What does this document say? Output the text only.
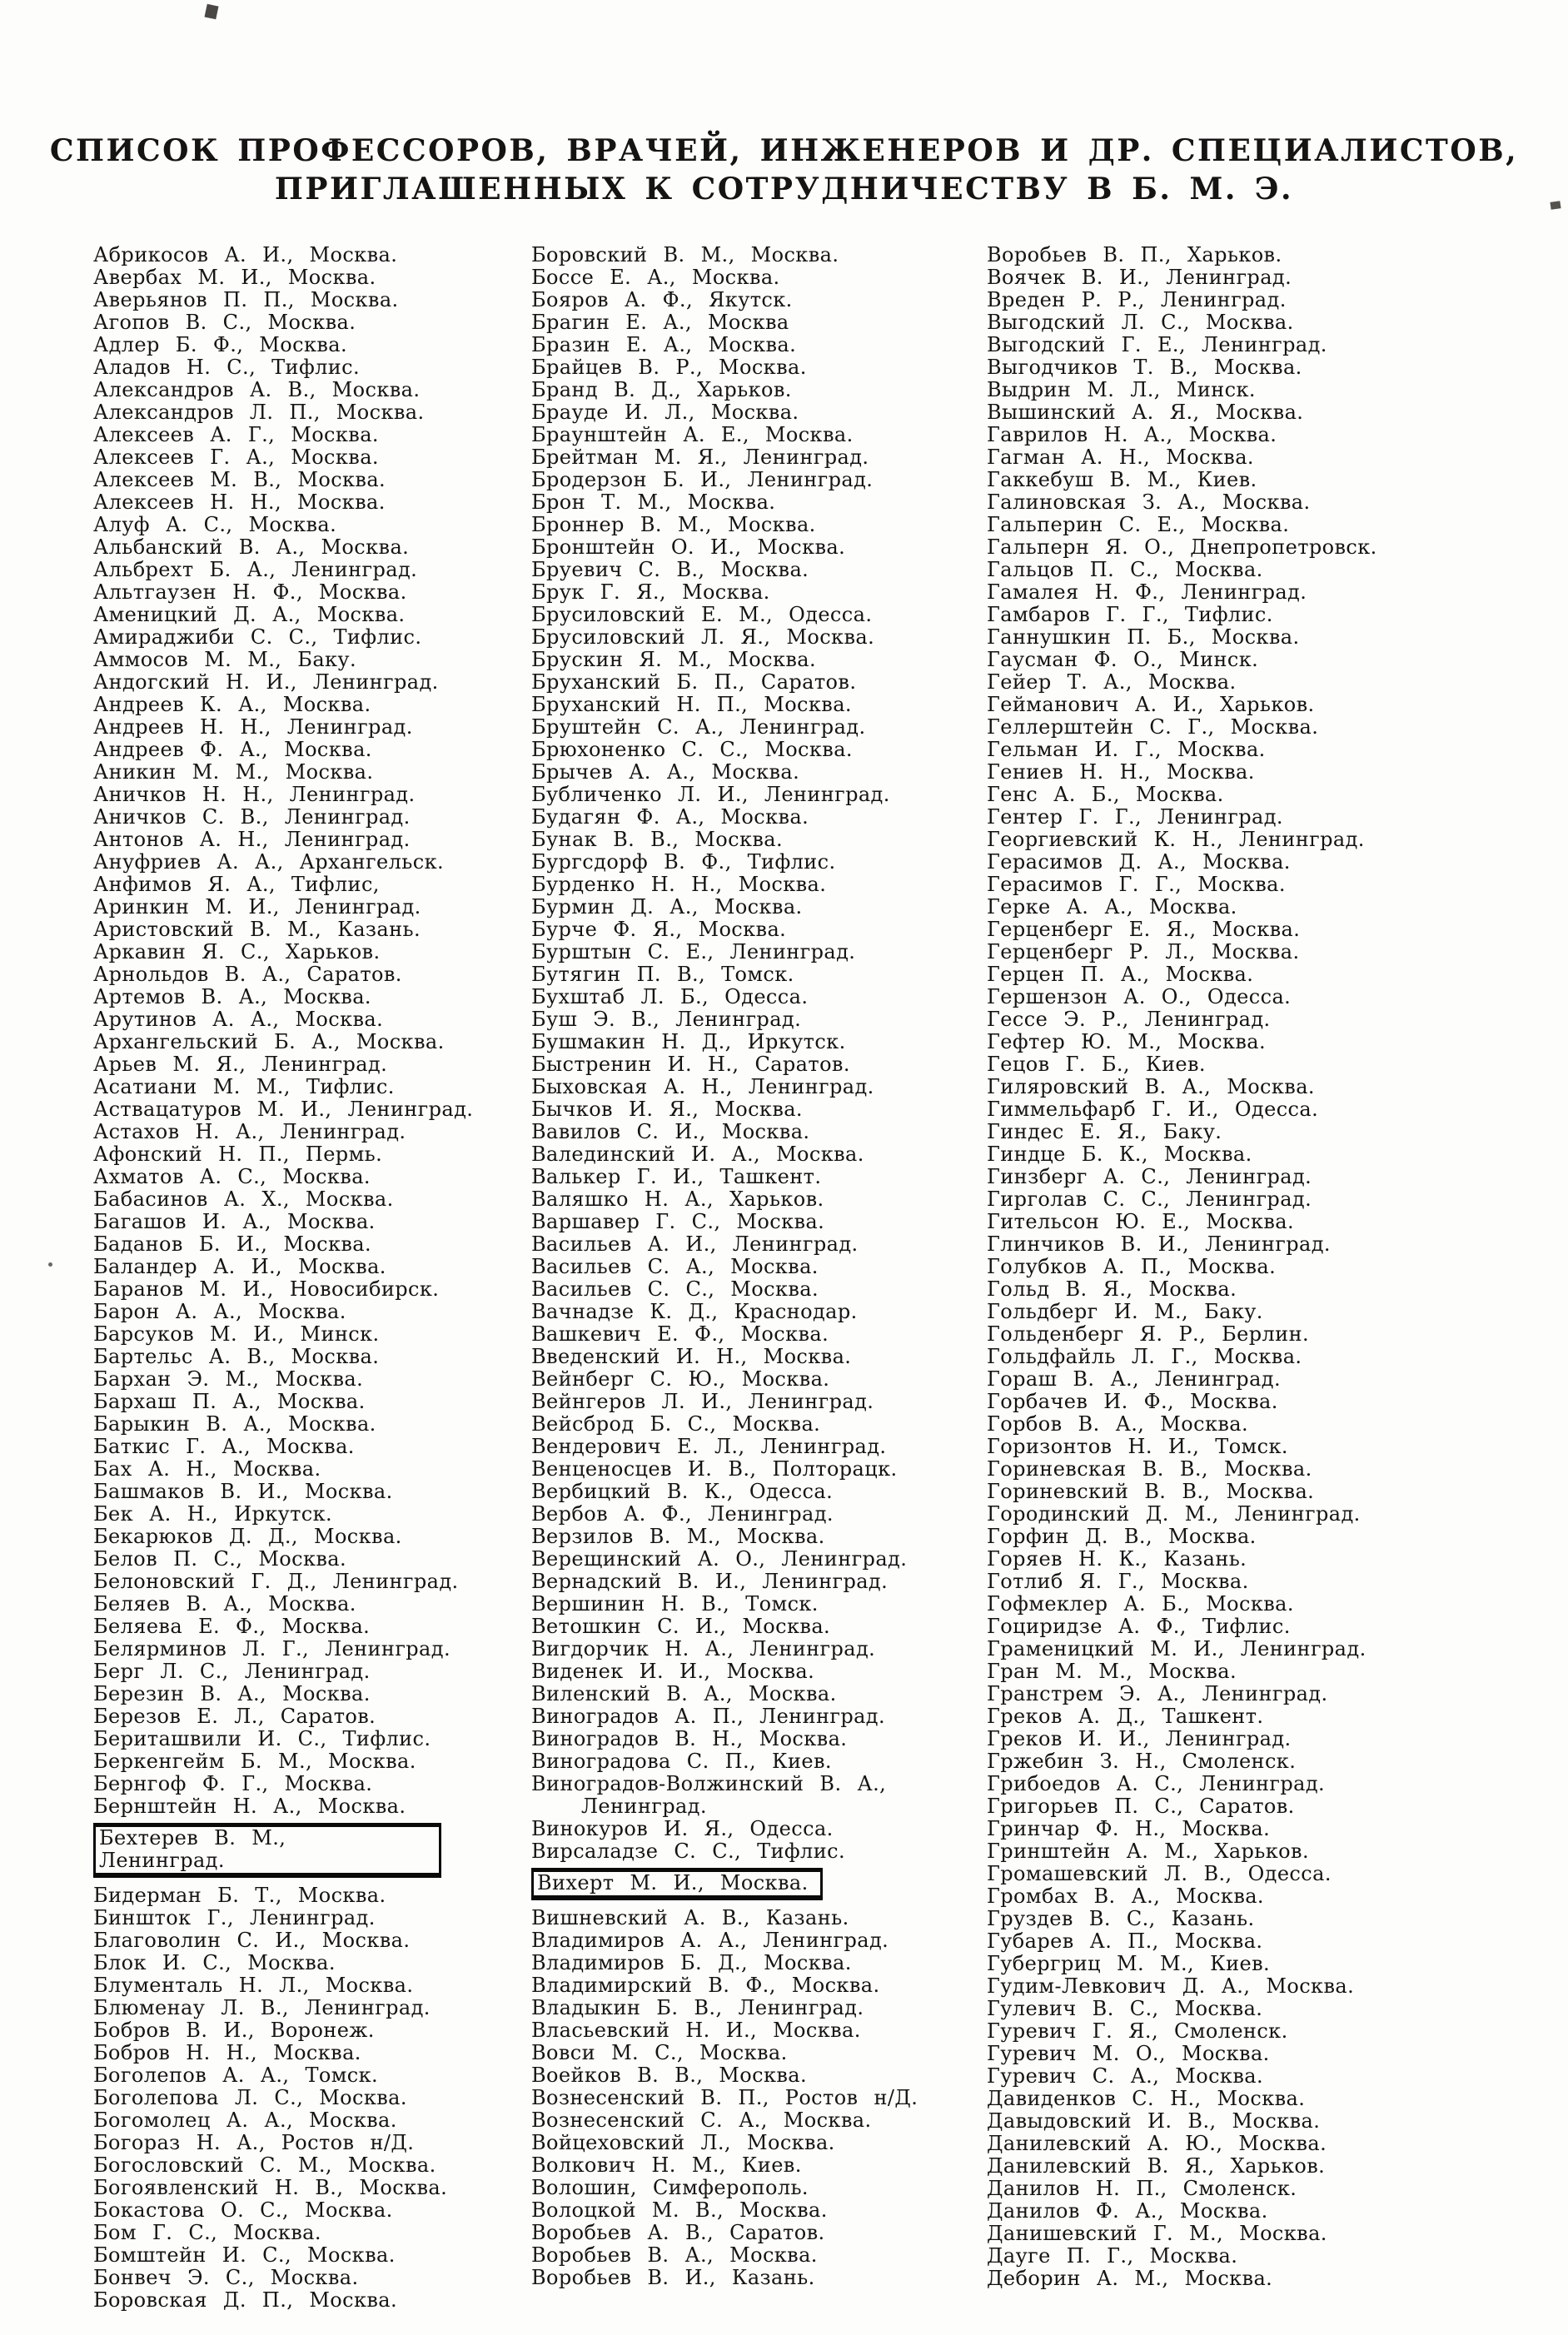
СПИСОК ПРОФЕССОРОВ, ВРАЧЕЙ, ИНЖЕНЕРОВ И ДР. СПЕЦИАЛИСТОВ,
ПРИГЛАШЕННЫХ К СОТРУДНИЧЕСТВУ В Б. М. Э.
Абрикосов А. И., Москва.
Авербах М. И., Москва.
Аверьянов П. П., Москва.
Агопов В. С., Москва.
Адлер Б. Ф., Москва.
Аладов Н. С., Тифлис.
Александров А. В., Москва.
Александров Л. П., Москва.
Алексеев А. Г., Москва.
Алексеев Г. А., Москва.
Алексеев М. В., Москва.
Алексеев Н. Н., Москва.
Алуф А. С., Москва.
Альбанский В. А., Москва.
Альбрехт Б. А., Ленинград.
Альтгаузен Н. Ф., Москва.
Аменицкий Д. А., Москва.
Амираджиби С. С., Тифлис.
Аммосов М. М., Баку.
Андогский Н. И., Ленинград.
Андреев К. А., Москва.
Андреев Н. Н., Ленинград.
Андреев Ф. А., Москва.
Аникин М. М., Москва.
Аничков Н. Н., Ленинград.
Аничков С. В., Ленинград.
Антонов А. Н., Ленинград.
Ануфриев А. А., Архангельск.
Анфимов Я. А., Тифлис,
Аринкин М. И., Ленинград.
Аристовский В. М., Казань.
Аркавин Я. С., Харьков.
Арнольдов В. А., Саратов.
Артемов В. А., Москва.
Арутинов А. А., Москва.
Архангельский Б. А., Москва.
Арьев М. Я., Ленинград.
Асатиани М. М., Тифлис.
Аствацатуров М. И., Ленинград.
Астахов Н. А., Ленинград.
Афонский Н. П., Пермь.
Ахматов А. С., Москва.
Бабасинов А. Х., Москва.
Багашов И. А., Москва.
Баданов Б. И., Москва.
Баландер А. И., Москва.
Баранов М. И., Новосибирск.
Барон А. А., Москва.
Барсуков М. И., Минск.
Бартельс А. В., Москва.
Бархан Э. М., Москва.
Бархаш П. А., Москва.
Барыкин В. А., Москва.
Баткис Г. А., Москва.
Бах А. Н., Москва.
Башмаков В. И., Москва.
Бек А. Н., Иркутск.
Бекарюков Д. Д., Москва.
Белов П. С., Москва.
Белоновский Г. Д., Ленинград.
Беляев В. А., Москва.
Беляева Е. Ф., Москва.
Белярминов Л. Г., Ленинград.
Берг Л. С., Ленинград.
Березин В. А., Москва.
Березов Е. Л., Саратов.
Бериташвили И. С., Тифлис.
Беркенгейм Б. М., Москва.
Бернгоф Ф. Г., Москва.
Бернштейн Н. А., Москва.
Бехтерев В. М., Ленинград.
Бидерман Б. Т., Москва.
Биншток Г., Ленинград.
Благоволин С. И., Москва.
Блок И. С., Москва.
Блументаль Н. Л., Москва.
Блюменау Л. В., Ленинград.
Бобров В. И., Воронеж.
Бобров Н. Н., Москва.
Боголепов А. А., Томск.
Боголепова Л. С., Москва.
Богомолец А. А., Москва.
Богораз Н. А., Ростов н/Д.
Богословский С. М., Москва.
Богоявленский Н. В., Москва.
Бокастова О. С., Москва.
Бом Г. С., Москва.
Бомштейн И. С., Москва.
Бонвеч Э. С., Москва.
Боровская Д. П., Москва.
Боровский В. М., Москва.
Боссе Е. А., Москва.
Бояров А. Ф., Якутск.
Брагин Е. А., Москва
Бразин Е. А., Москва.
Брайцев В. Р., Москва.
Бранд В. Д., Харьков.
Брауде И. Л., Москва.
Браунштейн А. Е., Москва.
Брейтман М. Я., Ленинград.
Бродерзон Б. И., Ленинград.
Брон Т. М., Москва.
Броннер В. М., Москва.
Бронштейн О. И., Москва.
Бруевич С. В., Москва.
Брук Г. Я., Москва.
Брусиловский Е. М., Одесса.
Брусиловский Л. Я., Москва.
Брускин Я. М., Москва.
Бруханский Б. П., Саратов.
Бруханский Н. П., Москва.
Бруштейн С. А., Ленинград.
Брюхоненко С. С., Москва.
Брычев А. А., Москва.
Бубличенко Л. И., Ленинград.
Будагян Ф. А., Москва.
Бунак В. В., Москва.
Бургсдорф В. Ф., Тифлис.
Бурденко Н. Н., Москва.
Бурмин Д. А., Москва.
Бурче Ф. Я., Москва.
Бурштын С. Е., Ленинград.
Бутягин П. В., Томск.
Бухштаб Л. Б., Одесса.
Буш Э. В., Ленинград.
Бушмакин Н. Д., Иркутск.
Быстренин И. Н., Саратов.
Быховская А. Н., Ленинград.
Бычков И. Я., Москва.
Вавилов С. И., Москва.
Валединский И. А., Москва.
Валькер Г. И., Ташкент.
Валяшко Н. А., Харьков.
Варшавер Г. С., Москва.
Васильев А. И., Ленинград.
Васильев С. А., Москва.
Васильев С. С., Москва.
Вачнадзе К. Д., Краснодар.
Вашкевич Е. Ф., Москва.
Введенский И. Н., Москва.
Вейнберг С. Ю., Москва.
Вейнгеров Л. И., Ленинград.
Вейсброд Б. С., Москва.
Вендерович Е. Л., Ленинград.
Венценосцев И. В., Полторацк.
Вербицкий В. К., Одесса.
Вербов А. Ф., Ленинград.
Верзилов В. М., Москва.
Верещинский А. О., Ленинград.
Вернадский В. И., Ленинград.
Вершинин Н. В., Томск.
Ветошкин С. И., Москва.
Вигдорчик Н. А., Ленинград.
Виденек И. И., Москва.
Виленский В. А., Москва.
Виноградов А. П., Ленинград.
Виноградов В. Н., Москва.
Виноградова С. П., Киев.
Виноградов-Волжинский В. А.,
Ленинград.
Винокуров И. Я., Одесса.
Вирсаладзе С. С., Тифлис.
Вихерт М. И., Москва.
Вишневский А. В., Казань.
Владимиров А. А., Ленинград.
Владимиров Б. Д., Москва.
Владимирский В. Ф., Москва.
Владыкин Б. В., Ленинград.
Власьевский Н. И., Москва.
Вовси М. С., Москва.
Воейков В. В., Москва.
Вознесенский В. П., Ростов н/Д.
Вознесенский С. А., Москва.
Войцеховский Л., Москва.
Волкович Н. М., Киев.
Волошин, Симферополь.
Волоцкой М. В., Москва.
Воробьев А. В., Саратов.
Воробьев В. А., Москва.
Воробьев В. И., Казань.
Воробьев В. П., Харьков.
Воячек В. И., Ленинград.
Вреден Р. Р., Ленинград.
Выгодский Л. С., Москва.
Выгодский Г. Е., Ленинград.
Выгодчиков Т. В., Москва.
Выдрин М. Л., Минск.
Вышинский А. Я., Москва.
Гаврилов Н. А., Москва.
Гагман А. Н., Москва.
Гаккебуш В. М., Киев.
Галиновская З. А., Москва.
Гальперин С. Е., Москва.
Гальперн Я. О., Днепропетровск.
Гальцов П. С., Москва.
Гамалея Н. Ф., Ленинград.
Гамбаров Г. Г., Тифлис.
Ганнушкин П. Б., Москва.
Гаусман Ф. О., Минск.
Гейер Т. А., Москва.
Гейманович А. И., Харьков.
Геллерштейн С. Г., Москва.
Гельман И. Г., Москва.
Гениев Н. Н., Москва.
Генс А. Б., Москва.
Гентер Г. Г., Ленинград.
Георгиевский К. Н., Ленинград.
Герасимов Д. А., Москва.
Герасимов Г. Г., Москва.
Герке А. А., Москва.
Герценберг Е. Я., Москва.
Герценберг Р. Л., Москва.
Герцен П. А., Москва.
Гершензон А. О., Одесса.
Гессе Э. Р., Ленинград.
Гефтер Ю. М., Москва.
Гецов Г. Б., Киев.
Гиляровский В. А., Москва.
Гиммельфарб Г. И., Одесса.
Гиндес Е. Я., Баку.
Гиндце Б. К., Москва.
Гинзберг А. С., Ленинград.
Гирголав С. С., Ленинград.
Гительсон Ю. Е., Москва.
Глинчиков В. И., Ленинград.
Голубков А. П., Москва.
Гольд В. Я., Москва.
Гольдберг И. М., Баку.
Гольденберг Я. Р., Берлин.
Гольдфайль Л. Г., Москва.
Гораш В. А., Ленинград.
Горбачев И. Ф., Москва.
Горбов В. А., Москва.
Горизонтов Н. И., Томск.
Гориневская В. В., Москва.
Гориневский В. В., Москва.
Городинский Д. М., Ленинград.
Горфин Д. В., Москва.
Горяев Н. К., Казань.
Готлиб Я. Г., Москва.
Гофмеклер А. Б., Москва.
Гоциридзе А. Ф., Тифлис.
Граменицкий М. И., Ленинград.
Гран М. М., Москва.
Гранстрем Э. А., Ленинград.
Греков А. Д., Ташкент.
Греков И. И., Ленинград.
Гржебин З. Н., Смоленск.
Грибоедов А. С., Ленинград.
Григорьев П. С., Саратов.
Гринчар Ф. Н., Москва.
Гринштейн А. М., Харьков.
Громашевский Л. В., Одесса.
Громбах В. А., Москва.
Груздев В. С., Казань.
Губарев А. П., Москва.
Губергриц М. М., Киев.
Гудим-Левкович Д. А., Москва.
Гулевич В. С., Москва.
Гуревич Г. Я., Смоленск.
Гуревич М. О., Москва.
Гуревич С. А., Москва.
Давиденков С. Н., Москва.
Давыдовский И. В., Москва.
Данилевский А. Ю., Москва.
Данилевский В. Я., Харьков.
Данилов Н. П., Смоленск.
Данилов Ф. А., Москва.
Данишевский Г. М., Москва.
Дауге П. Г., Москва.
Деборин А. М., Москва.
